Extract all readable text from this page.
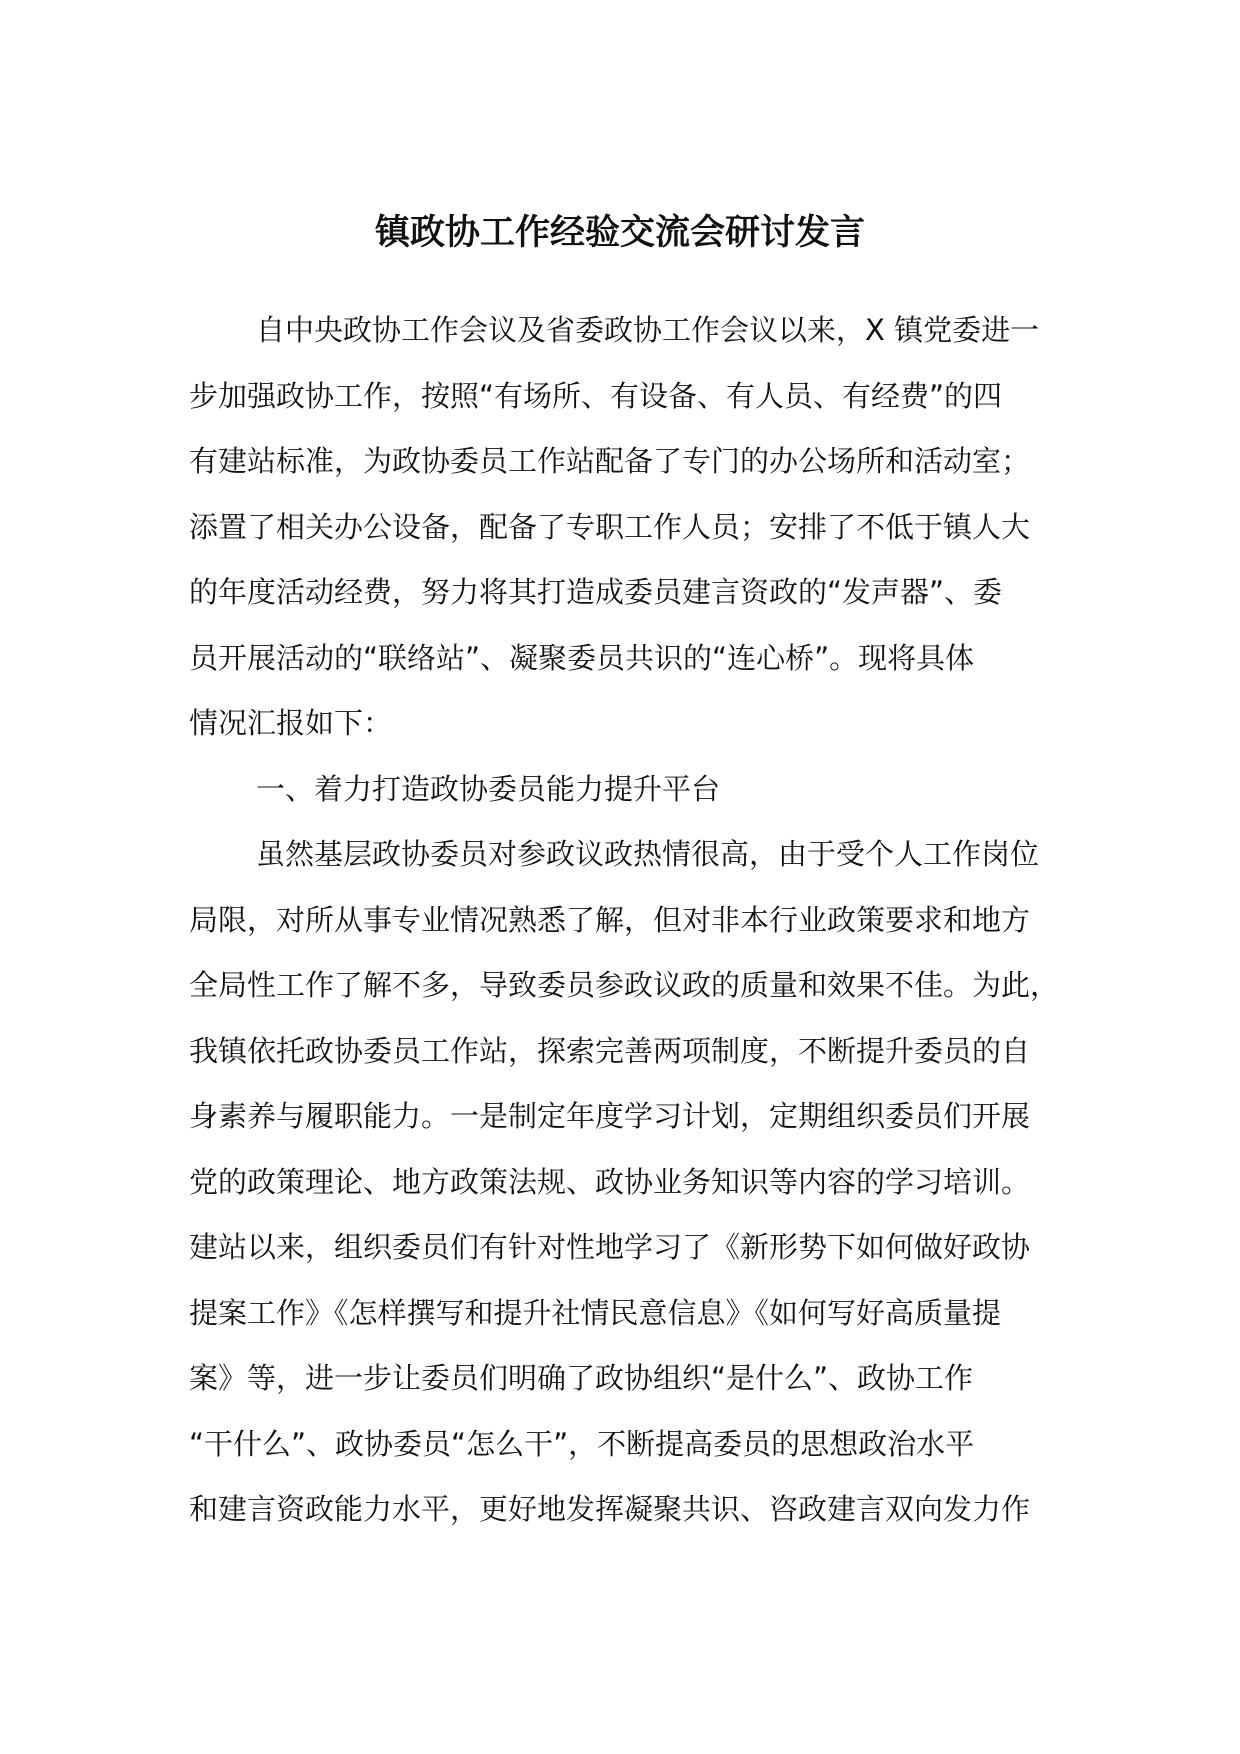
镇政协工作经验交流会研讨发言

自中央政协工作会议及省委政协工作会议以来，X 镇党委进一

步加强政协工作，按照“有场所、有设备、有人员、有经费”的四

有建站标准，为政协委员工作站配备了专门的办公场所和活动室；

添置了相关办公设备，配备了专职工作人员；安排了不低于镇人大

的年度活动经费，努力将其打造成委员建言资政的“发声器”、委

员开展活动的“联络站”、凝聚委员共识的“连心桥”。现将具体

情况汇报如下：

一、着力打造政协委员能力提升平台

虽然基层政协委员对参政议政热情很高，由于受个人工作岗位

局限，对所从事专业情况熟悉了解，但对非本行业政策要求和地方

全局性工作了解不多，导致委员参政议政的质量和效果不佳。为此，

我镇依托政协委员工作站，探索完善两项制度，不断提升委员的自

身素养与履职能力。一是制定年度学习计划，定期组织委员们开展

党的政策理论、地方政策法规、政协业务知识等内容的学习培训。

建站以来，组织委员们有针对性地学习了《新形势下如何做好政协

提案工作》《怎样撰写和提升社情民意信息》《如何写好高质量提

案》等，进一步让委员们明确了政协组织“是什么”、政协工作

“干什么”、政协委员“怎么干”，不断提高委员的思想政治水平

和建言资政能力水平，更好地发挥凝聚共识、咨政建言双向发力作
